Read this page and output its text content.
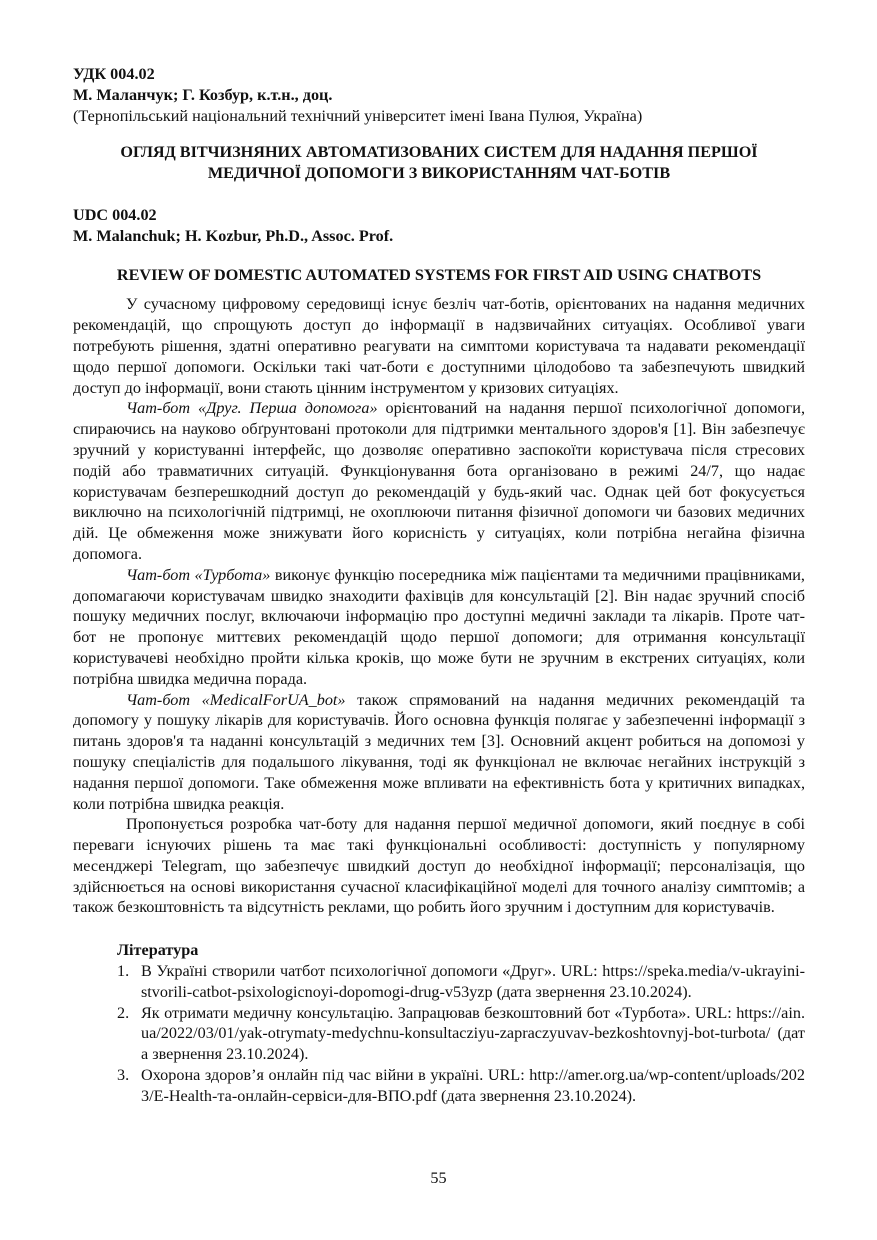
УДК 004.02

М. Маланчук; Г. Козбур, к.т.н., доц.

(Тернопільський національний технічний університет імені Івана Пулюя, Україна)

ОГЛЯД ВІТЧИЗНЯНИХ АВТОМАТИЗОВАНИХ СИСТЕМ ДЛЯ НАДАННЯ ПЕРШОЇ МЕДИЧНОЇ ДОПОМОГИ З ВИКОРИСТАННЯМ ЧАТ-БОТІВ

UDC 004.02

M. Malanchuk; H. Kozbur, Ph.D., Assoc. Prof.

REVIEW OF DOMESTIC AUTOMATED SYSTEMS FOR FIRST AID USING CHATBOTS

У сучасному цифровому середовищі існує безліч чат-ботів, орієнтованих на надання медичних рекомендацій, що спрощують доступ до інформації в надзвичайних ситуаціях. Особливої уваги потребують рішення, здатні оперативно реагувати на симптоми користувача та надавати рекомендації щодо першої допомоги. Оскільки такі чат-боти є доступними цілодобово та забезпечують швидкий доступ до інформації, вони стають цінним інструментом у кризових ситуаціях.

Чат-бот «Друг. Перша допомога» орієнтований на надання першої психологічної допомоги, спираючись на науково обґрунтовані протоколи для підтримки ментального здоров'я [1]. Він забезпечує зручний у користуванні інтерфейс, що дозволяє оперативно заспокоїти користувача після стресових подій або травматичних ситуацій. Функціонування бота організовано в режимі 24/7, що надає користувачам безперешкодний доступ до рекомендацій у будь-який час. Однак цей бот фокусується виключно на психологічній підтримці, не охоплюючи питання фізичної допомоги чи базових медичних дій. Це обмеження може знижувати його корисність у ситуаціях, коли потрібна негайна фізична допомога.

Чат-бот «Турбота» виконує функцію посередника між пацієнтами та медичними працівниками, допомагаючи користувачам швидко знаходити фахівців для консультацій [2]. Він надає зручний спосіб пошуку медичних послуг, включаючи інформацію про доступні медичні заклади та лікарів. Проте чат-бот не пропонує миттєвих рекомендацій щодо першої допомоги; для отримання консультації користувачеві необхідно пройти кілька кроків, що може бути не зручним в екстрених ситуаціях, коли потрібна швидка медична порада.

Чат-бот «MedicalForUA_bot» також спрямований на надання медичних рекомендацій та допомогу у пошуку лікарів для користувачів. Його основна функція полягає у забезпеченні інформації з питань здоров'я та наданні консультацій з медичних тем [3]. Основний акцент робиться на допомозі у пошуку спеціалістів для подальшого лікування, тоді як функціонал не включає негайних інструкцій з надання першої допомоги. Таке обмеження може впливати на ефективність бота у критичних випадках, коли потрібна швидка реакція.

Пропонується розробка чат-боту для надання першої медичної допомоги, який поєднує в собі переваги існуючих рішень та має такі функціональні особливості: доступність у популярному месенджері Telegram, що забезпечує швидкий доступ до необхідної інформації; персоналізація, що здійснюється на основі використання сучасної класифікаційної моделі для точного аналізу симптомів; а також безкоштовність та відсутність реклами, що робить його зручним і доступним для користувачів.

Література

1. В Україні створили чатбот психологічної допомоги «Друг». URL: https://speka.media/v-ukrayini-stvorili-catbot-psixologicnoyi-dopomogi-drug-v53yzp (дата звернення 23.10.2024).
2. Як отримати медичну консультацію. Запрацював безкоштовний бот «Турбота». URL: https://ain.ua/2022/03/01/yak-otrymaty-medychnu-konsultacziyu-zapraczyuvav-bezkoshtovnyj-bot-turbota/ (дата звернення 23.10.2024).
3. Охорона здоров’я онлайн під час війни в україні. URL: http://amer.org.ua/wp-content/uploads/2023/E-Health-та-онлайн-сервіси-для-ВПО.pdf (дата звернення 23.10.2024).
55
